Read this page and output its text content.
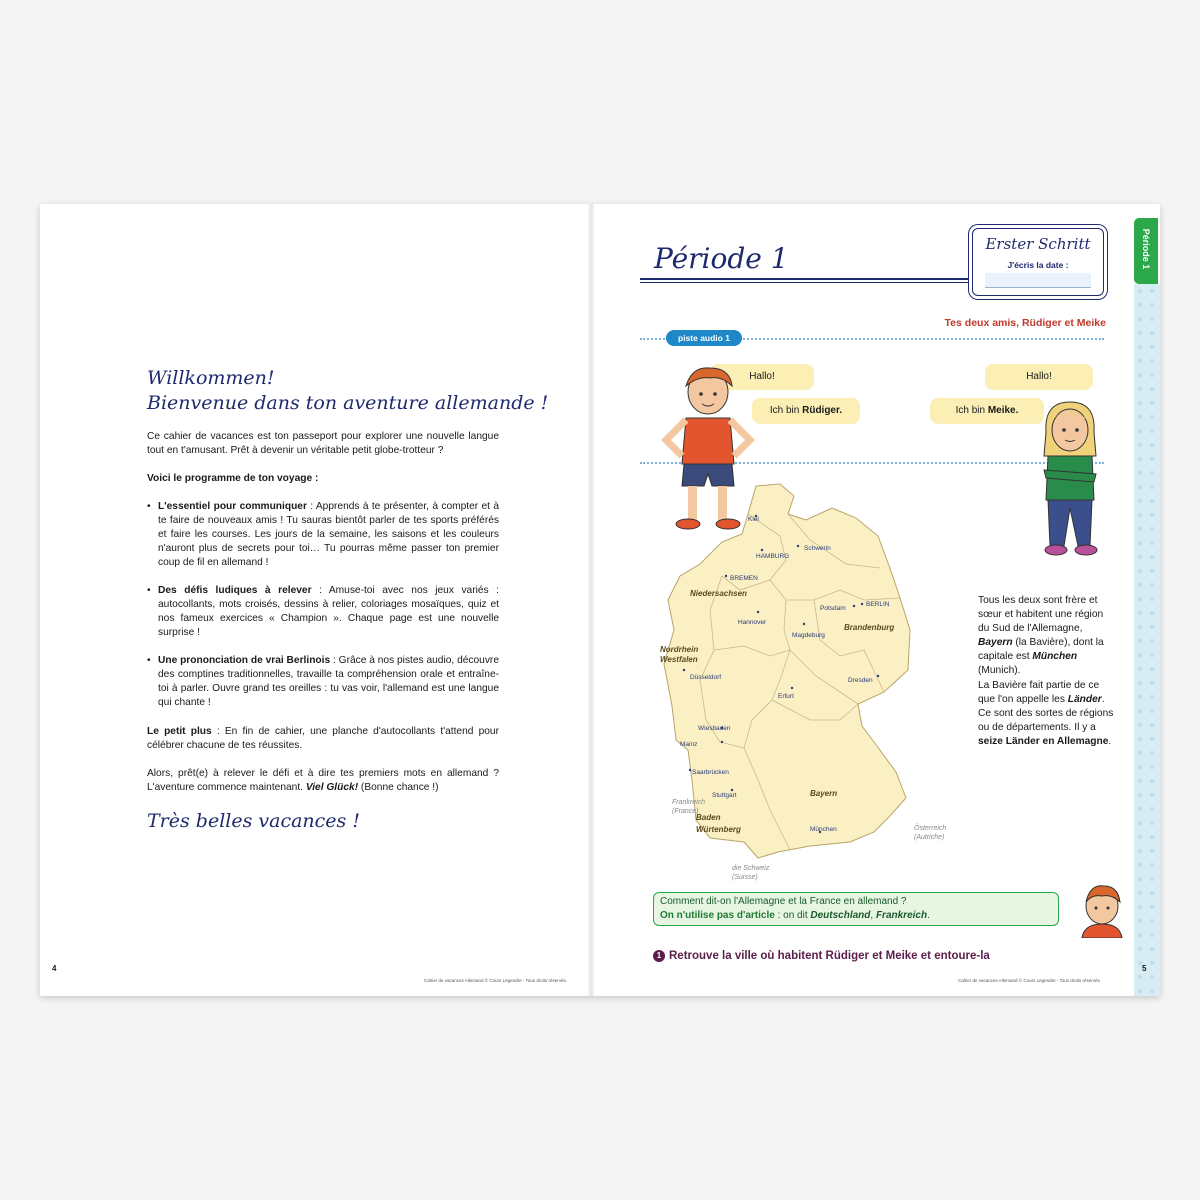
Willkommen!
Bienvenue dans ton aventure allemande !
Ce cahier de vacances est ton passeport pour explorer une nouvelle langue tout en t'amusant. Prêt à devenir un véritable petit globe-trotteur ?
Voici le programme de ton voyage :
• L'essentiel pour communiquer : Apprends à te présenter, à compter et à te faire de nouveaux amis ! Tu sauras bientôt parler de tes sports préférés et faire les courses. Les jours de la semaine, les saisons et les couleurs n'auront plus de secrets pour toi… Tu pourras même passer ton premier coup de fil en allemand !
• Des défis ludiques à relever : Amuse-toi avec nos jeux variés : autocollants, mots croisés, dessins à relier, coloriages mosaïques, quiz et nos fameux exercices « Champion ». Chaque page est une nouvelle surprise !
• Une prononciation de vrai Berlinois : Grâce à nos pistes audio, découvre des comptines traditionnelles, travaille ta compréhension orale et entraîne-toi à parler. Ouvre grand tes oreilles : tu vas voir, l'allemand est une langue qui chante !
Le petit plus : En fin de cahier, une planche d'autocollants t'attend pour célébrer chacune de tes réussites.
Alors, prêt(e) à relever le défi et à dire tes premiers mots en allemand ? L'aventure commence maintenant. Viel Glück! (Bonne chance !)
Très belles vacances !
4
Cahier de vacances Allemand © Cours Legendre - Tous droits réservés.
Période 1
Période 1	Erster Schritt
J'écris la date :
Tes deux amis, Rüdiger et Meike
piste audio 1
Hallo!
Ich bin Rüdiger.
Hallo!
Ich bin Meike.
Kiel
HAMBURG
Schwerin
BREMEN
Hannover
Potsdam
BERLIN
Magdeburg
Düsseldorf	Dresden
Erfurt
Wiesbaden
Mainz
Saarbrücken
Stuttgart
München
Niedersachsen
Brandenburg
Nordrhein
Westfalen
Bayern
Baden
Würtenberg
Frankreich
(France)
Österreich
(Autriche)
die Schweiz
(Suisse)
Tous les deux sont frère et sœur et habitent une région du Sud de l'Allemagne, Bayern (la Bavière), dont la capitale est München (Munich).
La Bavière fait partie de ce que l'on appelle les Länder.
Ce sont des sortes de régions ou de départements. Il y a seize Länder en Allemagne.
Comment dit-on l'Allemagne et la France en allemand ?
On n'utilise pas d'article : on dit Deutschland, Frankreich.
1 Retrouve la ville où habitent Rüdiger et Meike et entoure-la
Cahier de vacances Allemand © Cours Legendre - Tous droits réservés.
5
